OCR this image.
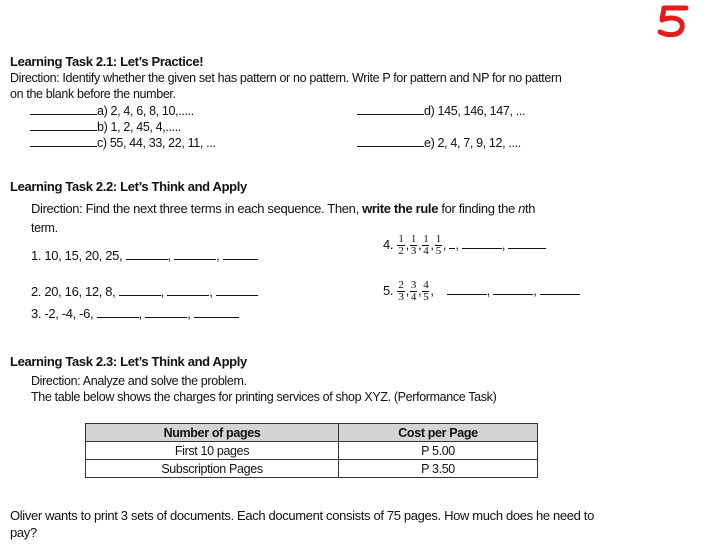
Learning Task 2.1: Let’s Practice!
Direction: Identify whether the given set has pattern or no pattern. Write P for pattern and NP for no pattern
on the blank before the number.
a) 2, 4, 6, 8, 10,.....
b) 1, 2, 45, 4,.....
c) 55, 44, 33, 22, 11, ...
d) 145, 146, 147, ...
e) 2, 4, 7, 9, 12, ....
Learning Task 2.2: Let’s Think and Apply
Direction: Find the next three terms in each sequence. Then, write the rule for finding the nth
term.
1. 10, 15, 20, 25,	,	,
2. 20, 16, 12, 8,	,	,
3. -2, -4, -6,	,	,
4. $\frac{1}{2}$ , $\frac{1}{3}$ , $\frac{1}{4}$ , $\frac{1}{5}$ , ,	,
5. $\frac{2}{3}$ , $\frac{3}{4}$ , $\frac{4}{5}$ ,	,	,
Learning Task 2.3: Let’s Think and Apply
Direction: Analyze and solve the problem.
The table below shows the charges for printing services of shop XYZ. (Performance Task)
Number of pages	Cost per Page
First 10 pages	P 5.00
Subscription Pages	P 3.50
Oliver wants to print 3 sets of documents. Each document consists of 75 pages. How much does he need to
pay?
